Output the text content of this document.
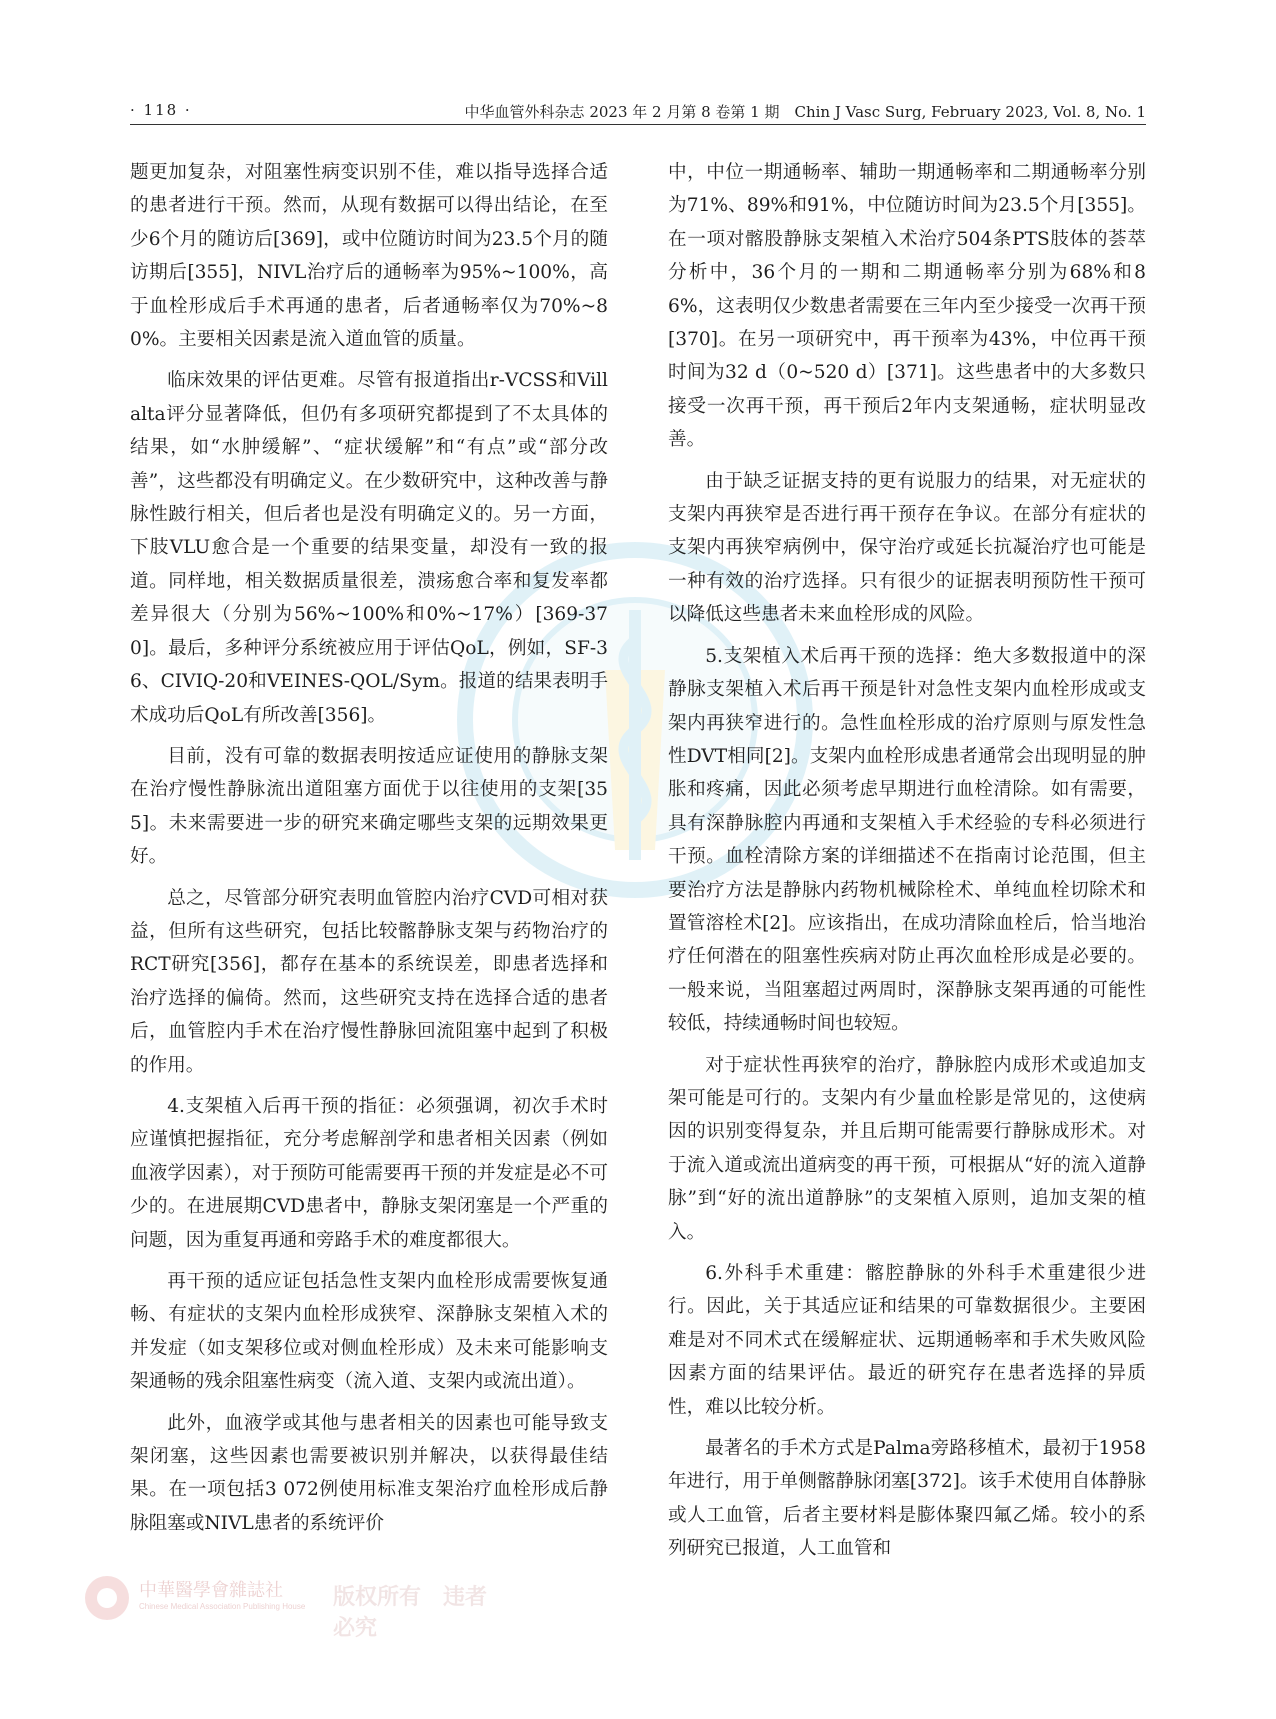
· 118 ·	中华血管外科杂志 2023 年 2 月第 8 卷第 1 期　Chin J Vasc Surg, February 2023, Vol. 8, No. 1

题更加复杂，对阻塞性病变识别不佳，难以指导选择合适的患者进行干预。然而，从现有数据可以得出结论，在至少6个月的随访后[369]，或中位随访时间为23.5个月的随访期后[355]，NIVL治疗后的通畅率为95%~100%，高于血栓形成后手术再通的患者，后者通畅率仅为70%~80%。主要相关因素是流入道血管的质量。

临床效果的评估更难。尽管有报道指出r‑VCSS和Villalta评分显著降低，但仍有多项研究都提到了不太具体的结果，如“水肿缓解”、“症状缓解”和“有点”或“部分改善”，这些都没有明确定义。在少数研究中，这种改善与静脉性跛行相关，但后者也是没有明确定义的。另一方面，下肢VLU愈合是一个重要的结果变量，却没有一致的报道。同样地，相关数据质量很差，溃疡愈合率和复发率都差异很大（分别为56%~100%和0%~17%）[369‑370]。最后，多种评分系统被应用于评估QoL，例如，SF‑36、CIVIQ‑20和VEINES‑QOL/Sym。报道的结果表明手术成功后QoL有所改善[356]。

目前，没有可靠的数据表明按适应证使用的静脉支架在治疗慢性静脉流出道阻塞方面优于以往使用的支架[355]。未来需要进一步的研究来确定哪些支架的远期效果更好。

总之，尽管部分研究表明血管腔内治疗CVD可相对获益，但所有这些研究，包括比较髂静脉支架与药物治疗的RCT研究[356]，都存在基本的系统误差，即患者选择和治疗选择的偏倚。然而，这些研究支持在选择合适的患者后，血管腔内手术在治疗慢性静脉回流阻塞中起到了积极的作用。

4.支架植入后再干预的指征：必须强调，初次手术时应谨慎把握指征，充分考虑解剖学和患者相关因素（例如血液学因素），对于预防可能需要再干预的并发症是必不可少的。在进展期CVD患者中，静脉支架闭塞是一个严重的问题，因为重复再通和旁路手术的难度都很大。

再干预的适应证包括急性支架内血栓形成需要恢复通畅、有症状的支架内血栓形成狭窄、深静脉支架植入术的并发症（如支架移位或对侧血栓形成）及未来可能影响支架通畅的残余阻塞性病变（流入道、支架内或流出道）。

此外，血液学或其他与患者相关的因素也可能导致支架闭塞，这些因素也需要被识别并解决，以获得最佳结果。在一项包括3 072例使用标准支架治疗血栓形成后静脉阻塞或NIVL患者的系统评价

中，中位一期通畅率、辅助一期通畅率和二期通畅率分别为71%、89%和91%，中位随访时间为23.5个月[355]。在一项对髂股静脉支架植入术治疗504条PTS肢体的荟萃分析中，36个月的一期和二期通畅率分别为68%和86%，这表明仅少数患者需要在三年内至少接受一次再干预[370]。在另一项研究中，再干预率为43%，中位再干预时间为32 d（0~520 d）[371]。这些患者中的大多数只接受一次再干预，再干预后2年内支架通畅，症状明显改善。

由于缺乏证据支持的更有说服力的结果，对无症状的支架内再狭窄是否进行再干预存在争议。在部分有症状的支架内再狭窄病例中，保守治疗或延长抗凝治疗也可能是一种有效的治疗选择。只有很少的证据表明预防性干预可以降低这些患者未来血栓形成的风险。

5.支架植入术后再干预的选择：绝大多数报道中的深静脉支架植入术后再干预是针对急性支架内血栓形成或支架内再狭窄进行的。急性血栓形成的治疗原则与原发性急性DVT相同[2]。支架内血栓形成患者通常会出现明显的肿胀和疼痛，因此必须考虑早期进行血栓清除。如有需要，具有深静脉腔内再通和支架植入手术经验的专科必须进行干预。血栓清除方案的详细描述不在指南讨论范围，但主要治疗方法是静脉内药物机械除栓术、单纯血栓切除术和置管溶栓术[2]。应该指出，在成功清除血栓后，恰当地治疗任何潜在的阻塞性疾病对防止再次血栓形成是必要的。一般来说，当阻塞超过两周时，深静脉支架再通的可能性较低，持续通畅时间也较短。

对于症状性再狭窄的治疗，静脉腔内成形术或追加支架可能是可行的。支架内有少量血栓影是常见的，这使病因的识别变得复杂，并且后期可能需要行静脉成形术。对于流入道或流出道病变的再干预，可根据从“好的流入道静脉”到“好的流出道静脉”的支架植入原则，追加支架的植入。

6.外科手术重建：髂腔静脉的外科手术重建很少进行。因此，关于其适应证和结果的可靠数据很少。主要困难是对不同术式在缓解症状、远期通畅率和手术失败风险因素方面的结果评估。最近的研究存在患者选择的异质性，难以比较分析。

最著名的手术方式是Palma旁路移植术，最初于1958年进行，用于单侧髂静脉闭塞[372]。该手术使用自体静脉或人工血管，后者主要材料是膨体聚四氟乙烯。较小的系列研究已报道，人工血管和

中華醫學會雜誌社
Chinese Medical Association Publishing House 版权所有　违者必究
